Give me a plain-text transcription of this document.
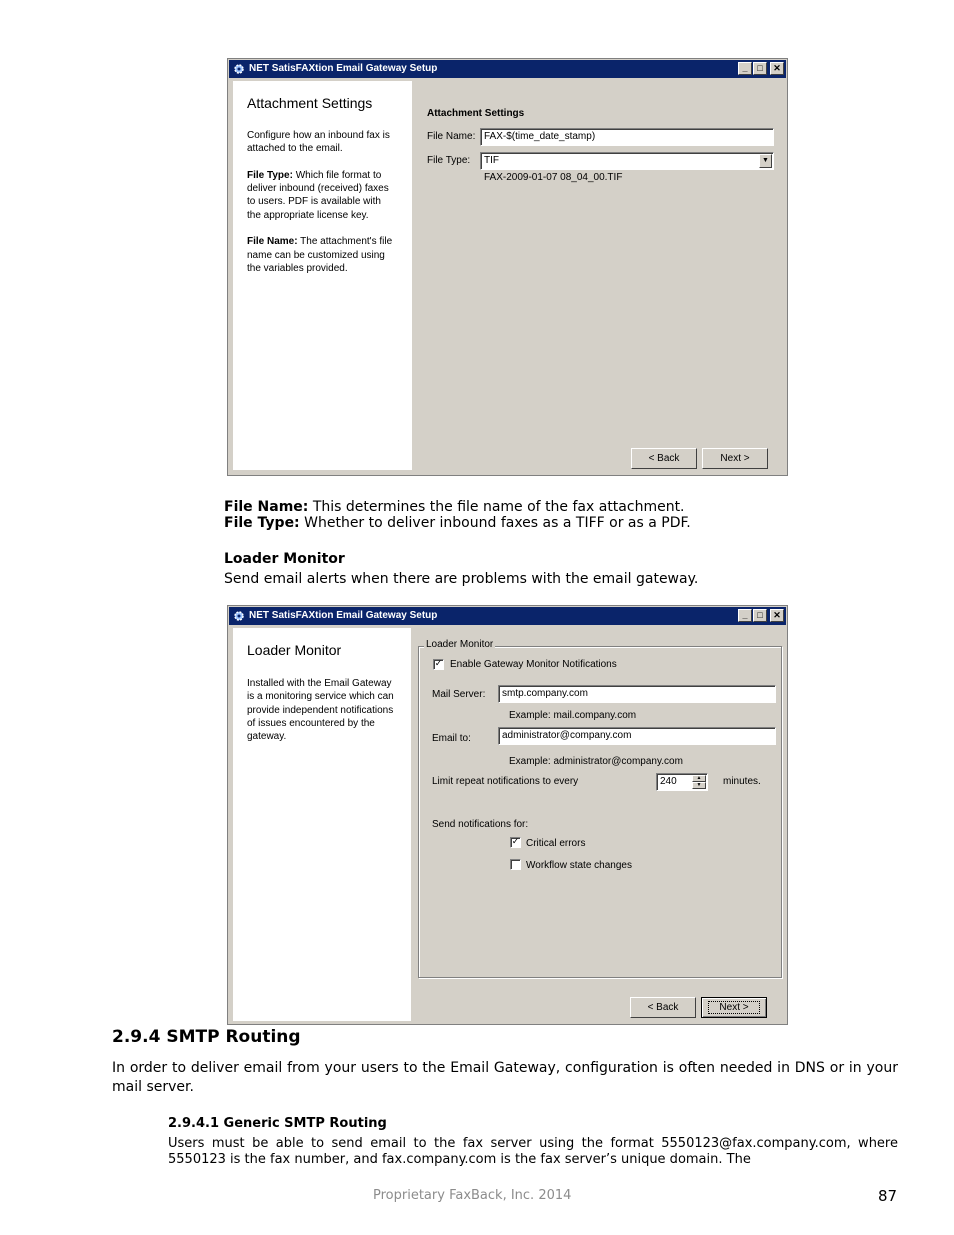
NET SatisFAXtion Email Gateway Setup	_	□	✕
Attachment Settings
Configure how an inbound fax is attached to the email.

File Type: Which file format to deliver inbound (received) faxes to users. PDF is available with the appropriate license key.

File Name: The attachment's file name can be customized using the variables provided.
Attachment Settings
File Name: FAX-$(time_date_stamp)
File Type:	TIF	▼
FAX-2009-01-07 08_04_00.TIF
< Back	Next >
File Name: This determines the file name of the fax attachment.
File Type: Whether to deliver inbound faxes as a TIFF or as a PDF.
Loader Monitor
Send email alerts when there are problems with the email gateway.
NET SatisFAXtion Email Gateway Setup	_	□	✕
Loader Monitor
Installed with the Email Gateway is a monitoring service which can provide independent notifications of issues encountered by the gateway.
Loader Monitor
✓ Enable Gateway Monitor Notifications
Mail Server:	smtp.company.com
Example: mail.company.com
Email to:	administrator@company.com
Example: administrator@company.com
Limit repeat notifications to every	240	▲
▼	minutes.
Send notifications for:
✓ Critical errors
Workflow state changes
< Back	Next >
2.9.4 SMTP Routing
In order to deliver email from your users to the Email Gateway, configuration is often needed in DNS or in your mail server.
2.9.4.1 Generic SMTP Routing
Users must be able to send email to the fax server using the format 5550123@fax.company.com, where 5550123 is the fax number, and fax.company.com is the fax server’s unique domain. The
Proprietary FaxBack, Inc. 2014	87
